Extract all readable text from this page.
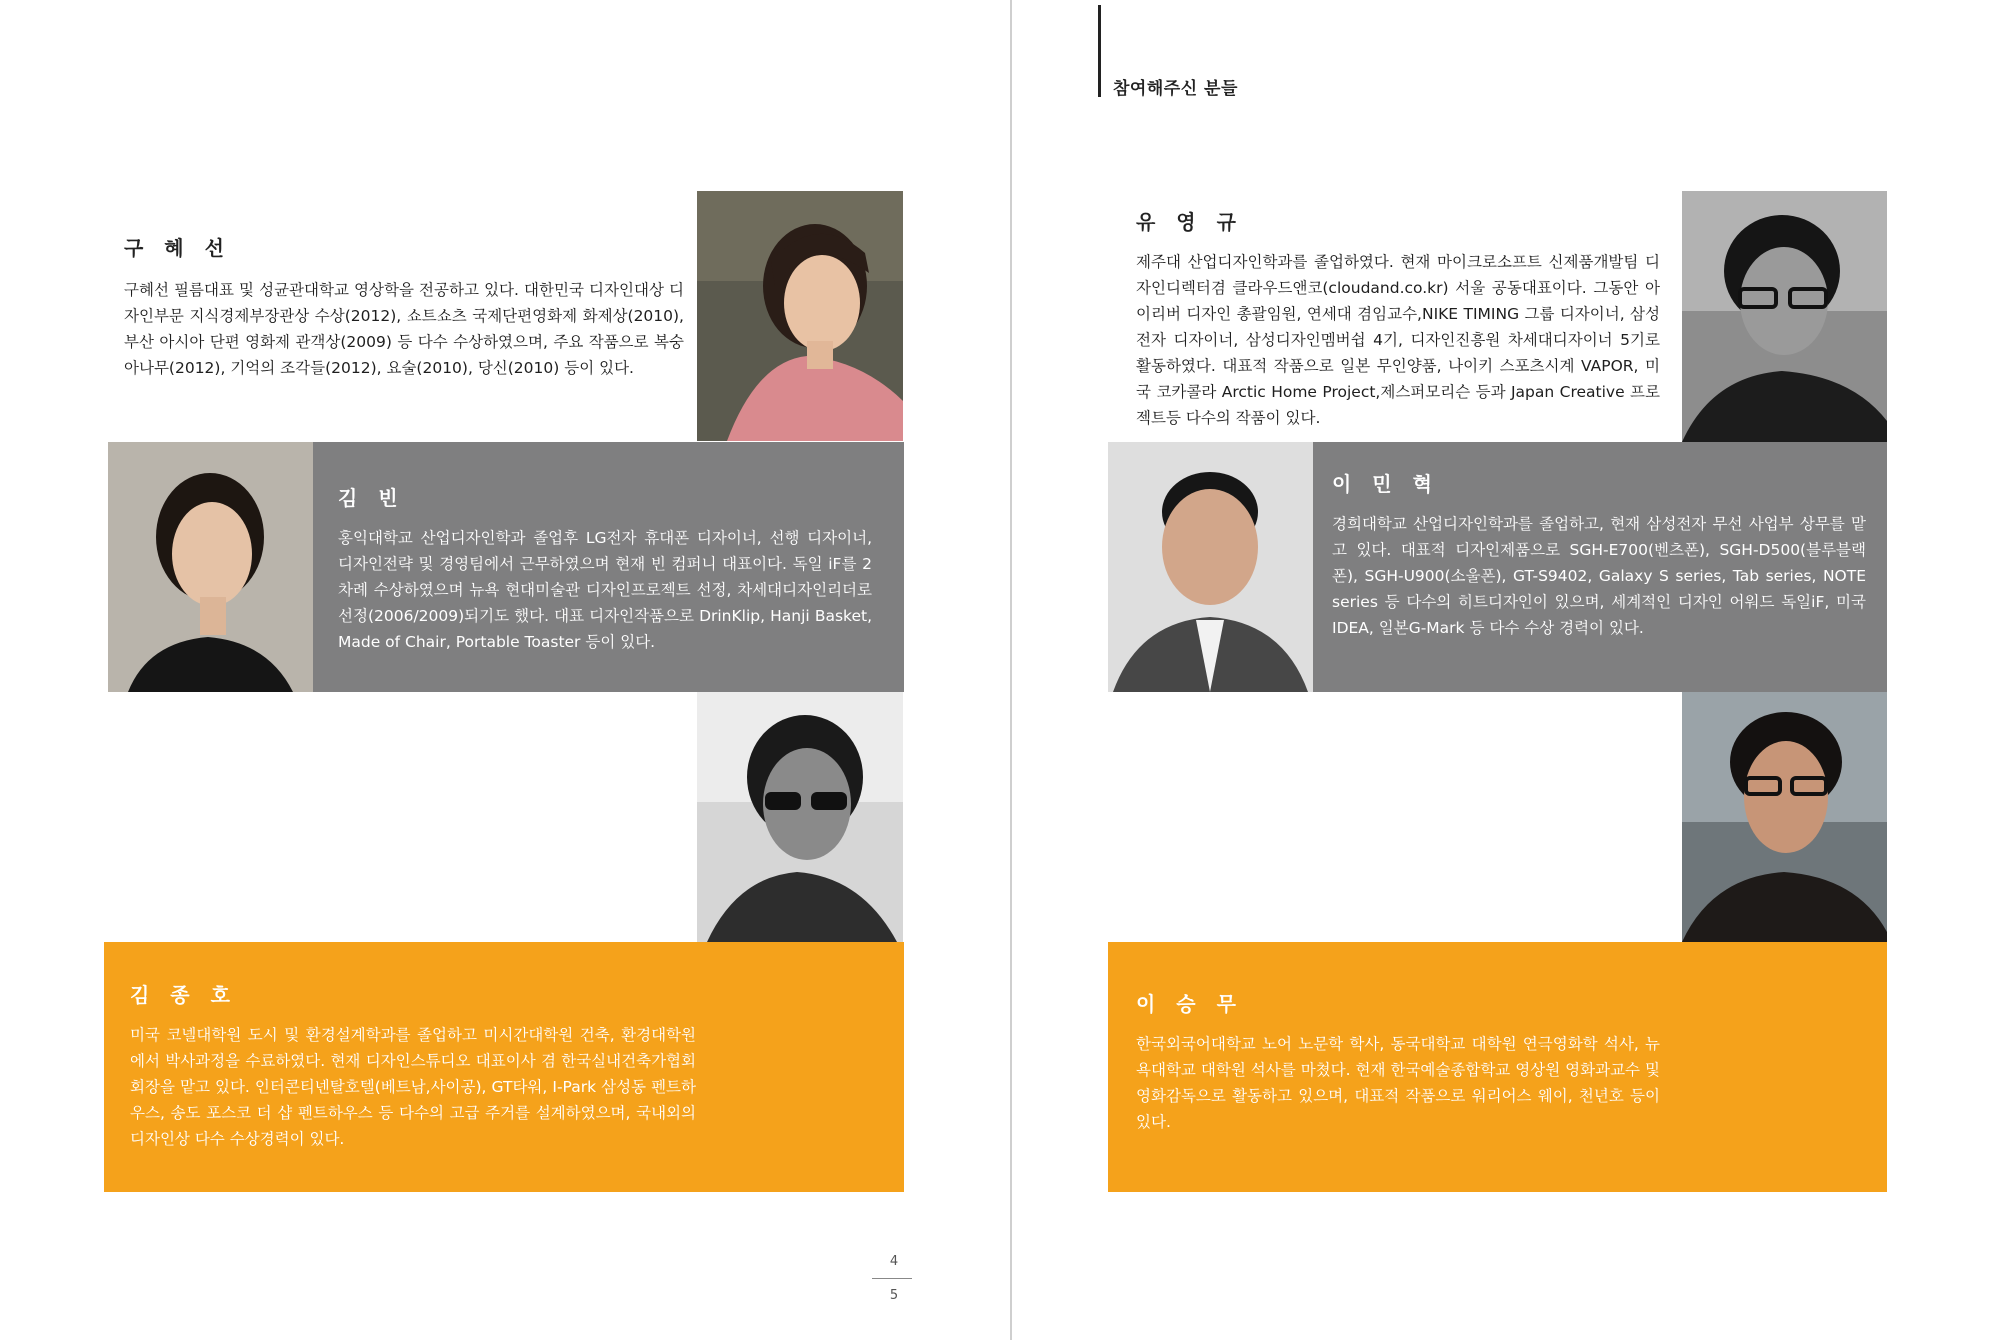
참여해주신 분들
구 혜 선
구혜선 필름대표 및 성균관대학교 영상학을 전공하고 있다. 대한민국 디자인대상 디자인부문 지식경제부장관상 수상(2012), 쇼트쇼츠 국제단편영화제 화제상(2010), 부산 아시아 단편 영화제 관객상(2009) 등 다수 수상하였으며, 주요 작품으로 복숭아나무(2012), 기억의 조각들(2012), 요술(2010), 당신(2010) 등이 있다.
김 빈
홍익대학교 산업디자인학과 졸업후 LG전자 휴대폰 디자이너, 선행 디자이너, 디자인전략 및 경영팀에서 근무하였으며 현재 빈 컴퍼니 대표이다. 독일 iF를 2차례 수상하였으며 뉴욕 현대미술관 디자인프로젝트 선정, 차세대디자인리더로 선정(2006/2009)되기도 했다. 대표 디자인작품으로 DrinKlip, Hanji Basket, Made of Chair, Portable Toaster 등이 있다.
김 종 호
미국 코넬대학원 도시 및 환경설계학과를 졸업하고 미시간대학원 건축, 환경대학원에서 박사과정을 수료하였다. 현재 디자인스튜디오 대표이사 겸 한국실내건축가협회 회장을 맡고 있다. 인터콘티넨탈호텔(베트남,사이공), GT타워, I-Park 삼성동 펜트하우스, 송도 포스코 더 샵 펜트하우스 등 다수의 고급 주거를 설계하였으며, 국내외의 디자인상 다수 수상경력이 있다.
4
5
유 영 규
제주대 산업디자인학과를 졸업하였다. 현재 마이크로소프트 신제품개발팀 디자인디렉터겸 클라우드앤코(cloudand.co.kr) 서울 공동대표이다. 그동안 아이리버 디자인 총괄임원, 연세대 겸임교수,NIKE TIMING 그룹 디자이너, 삼성전자 디자이너, 삼성디자인멤버쉽 4기, 디자인진흥원 차세대디자이너 5기로 활동하였다. 대표적 작품으로 일본 무인양품, 나이키 스포츠시계 VAPOR, 미국 코카콜라 Arctic Home Project,제스퍼모리슨 등과 Japan Creative 프로젝트등 다수의 작품이 있다.
이 민 혁
경희대학교 산업디자인학과를 졸업하고, 현재 삼성전자 무선 사업부 상무를 맡고 있다. 대표적 디자인제품으로 SGH-E700(벤츠폰), SGH-D500(블루블랙폰), SGH-U900(소울폰), GT-S9402, Galaxy S series, Tab series, NOTE series 등 다수의 히트디자인이 있으며, 세계적인 디자인 어워드 독일iF, 미국IDEA, 일본G-Mark 등 다수 수상 경력이 있다.
이 승 무
한국외국어대학교 노어 노문학 학사, 동국대학교 대학원 연극영화학 석사, 뉴욕대학교 대학원 석사를 마쳤다. 현재 한국예술종합학교 영상원 영화과교수 및 영화감독으로 활동하고 있으며, 대표적 작품으로 워리어스 웨이, 천년호 등이 있다.
